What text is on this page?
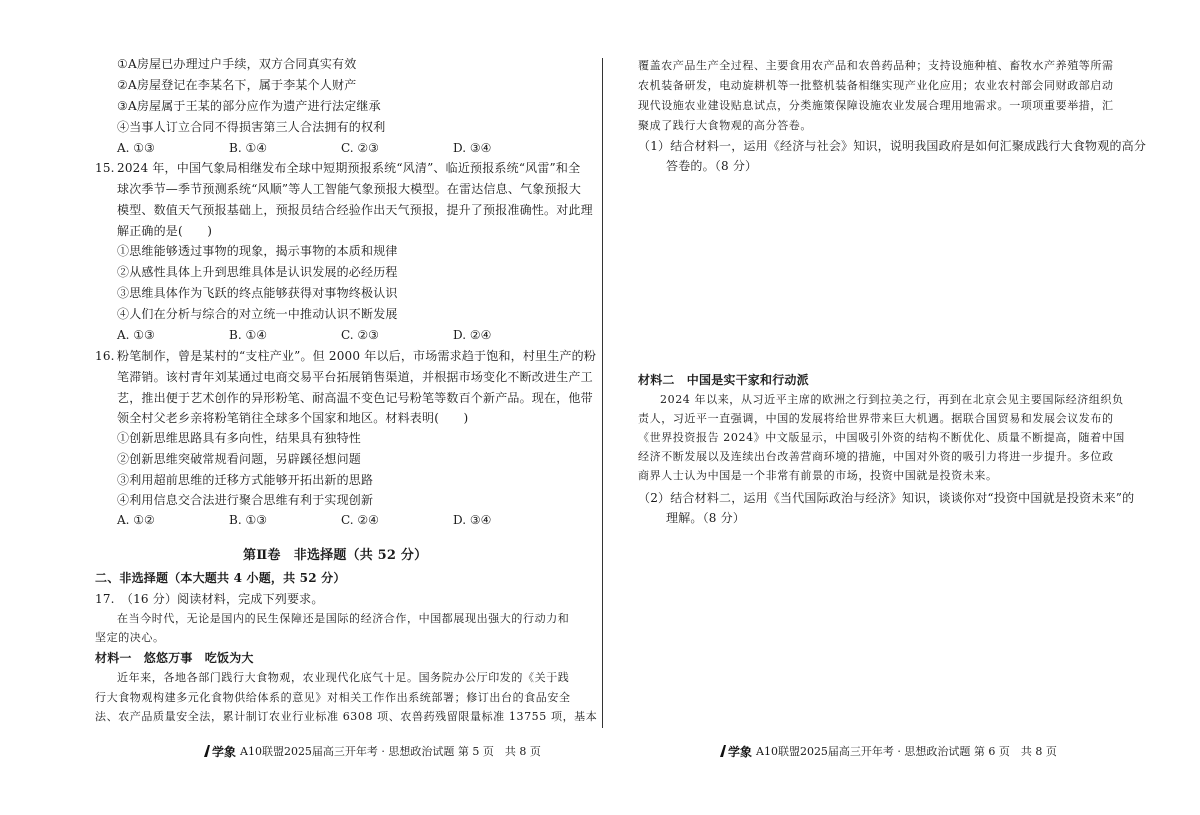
①A房屋已办理过户手续，双方合同真实有效
②A房屋登记在李某名下，属于李某个人财产
③A房屋属于王某的部分应作为遗产进行法定继承
④当事人订立合同不得损害第三人合法拥有的权利
A. ①③	B. ①④	C. ②③	D. ③④
15. 2024 年，中国气象局相继发布全球中短期预报系统“风清”、临近预报系统“风雷”和全
球次季节—季节预测系统“风顺”等人工智能气象预报大模型。在雷达信息、气象预报大
模型、数值天气预报基础上，预报员结合经验作出天气预报，提升了预报准确性。对此理
解正确的是(　　)
①思维能够透过事物的现象，揭示事物的本质和规律
②从感性具体上升到思维具体是认识发展的必经历程
③思维具体作为飞跃的终点能够获得对事物终极认识
④人们在分析与综合的对立统一中推动认识不断发展
A. ①③	B. ①④	C. ②③	D. ②④
16. 粉笔制作，曾是某村的“支柱产业”。但 2000 年以后，市场需求趋于饱和，村里生产的粉
笔滞销。该村青年刘某通过电商交易平台拓展销售渠道，并根据市场变化不断改进生产工
艺，推出便于艺术创作的异形粉笔、耐高温不变色记号粉笔等数百个新产品。现在，他带
领全村父老乡亲将粉笔销往全球多个国家和地区。材料表明(　　)
①创新思维思路具有多向性，结果具有独特性
②创新思维突破常规看问题，另辟蹊径想问题
③利用超前思维的迁移方式能够开拓出新的思路
④利用信息交合法进行聚合思维有利于实现创新
A. ①②	B. ①③	C. ②④	D. ③④
第Ⅱ卷　非选择题（共 52 分）
二、非选择题（本大题共 4 小题，共 52 分）
17.　（16 分）阅读材料，完成下列要求。
在当今时代，无论是国内的民生保障还是国际的经济合作，中国都展现出强大的行动力和
坚定的决心。
材料一　悠悠万事　吃饭为大
近年来，各地各部门践行大食物观，农业现代化底气十足。国务院办公厅印发的《关于践
行大食物观构建多元化食物供给体系的意见》对相关工作作出系统部署；修订出台的食品安全
法、农产品质量安全法，累计制订农业行业标准 6308 项、农兽药残留限量标准 13755 项，基本
学象 A10联盟2025届高三开年考 · 思想政治试题 第 5 页　共 8 页
覆盖农产品生产全过程、主要食用农产品和农兽药品种；支持设施种植、畜牧水产养殖等所需
农机装备研发，电动旋耕机等一批整机装备相继实现产业化应用；农业农村部会同财政部启动
现代设施农业建设贴息试点，分类施策保障设施农业发展合理用地需求。一项项重要举措，汇
聚成了践行大食物观的高分答卷。
（1）结合材料一，运用《经济与社会》知识，说明我国政府是如何汇聚成践行大食物观的高分
答卷的。（8 分）
材料二　中国是实干家和行动派
2024 年以来，从习近平主席的欧洲之行到拉美之行，再到在北京会见主要国际经济组织负
责人，习近平一直强调，中国的发展将给世界带来巨大机遇。据联合国贸易和发展会议发布的
《世界投资报告 2024》中文版显示，中国吸引外资的结构不断优化、质量不断提高，随着中国
经济不断发展以及连续出台改善营商环境的措施，中国对外资的吸引力将进一步提升。多位政
商界人士认为中国是一个非常有前景的市场，投资中国就是投资未来。
（2）结合材料二，运用《当代国际政治与经济》知识，谈谈你对“投资中国就是投资未来”的
理解。（8 分）
学象 A10联盟2025届高三开年考 · 思想政治试题 第 6 页　共 8 页
